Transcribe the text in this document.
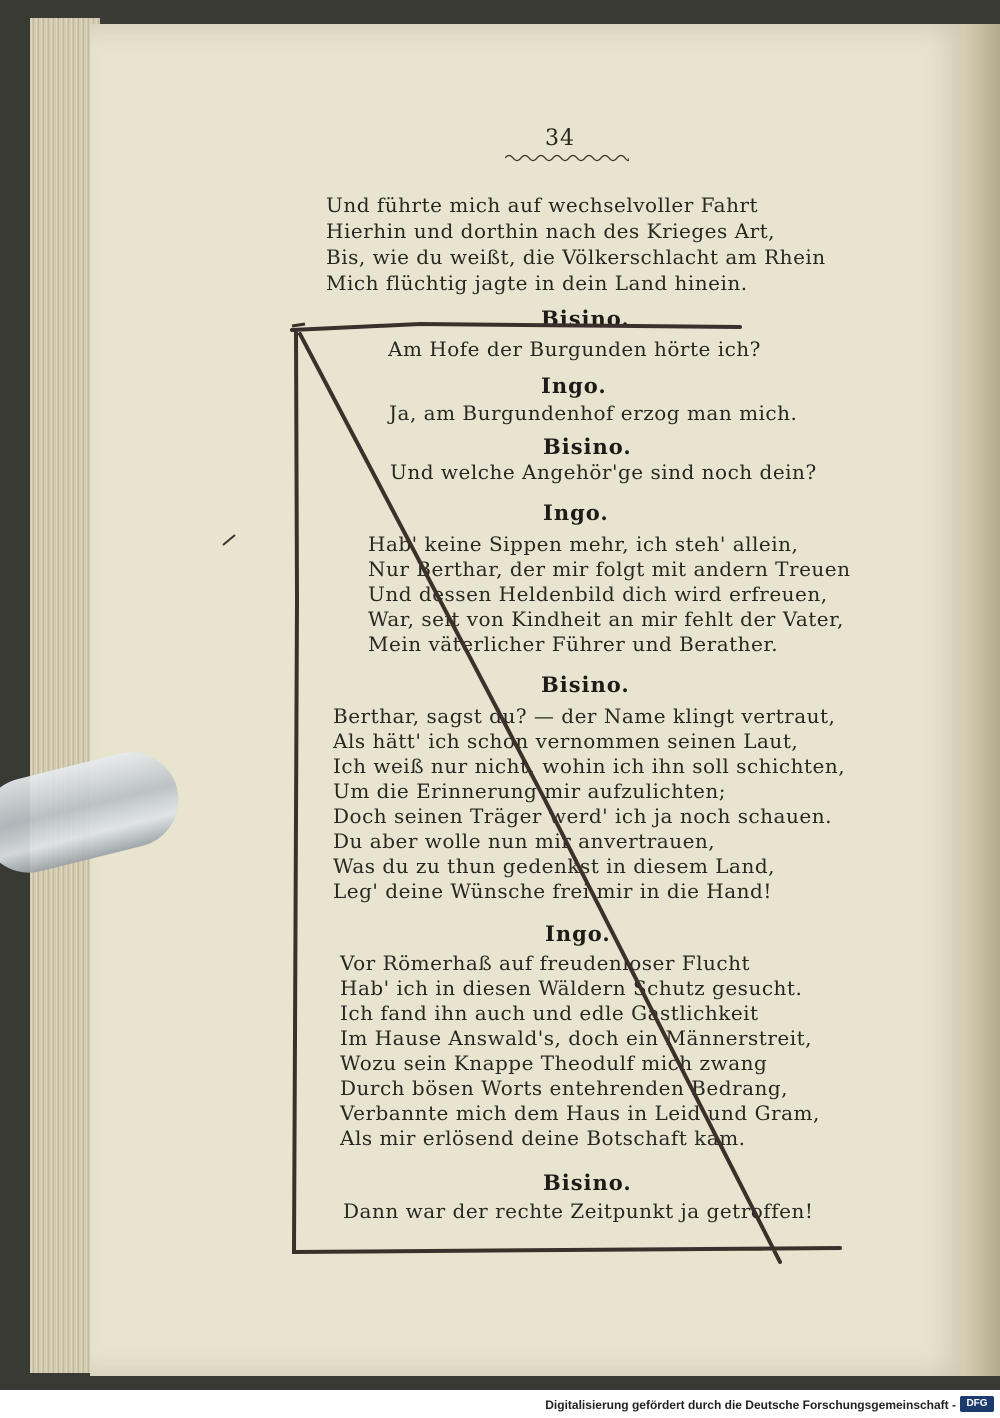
34
Und führte mich auf wechselvoller Fahrt
Hierhin und dorthin nach des Krieges Art,
Bis, wie du weißt, die Völkerschlacht am Rhein
Mich flüchtig jagte in dein Land hinein.
Bisino.
Am Hofe der Burgunden hörte ich?
Ingo.
Ja, am Burgundenhof erzog man mich.
Bisino.
Und welche Angehör'ge sind noch dein?
Ingo.
Hab' keine Sippen mehr, ich steh' allein,
Nur Berthar, der mir folgt mit andern Treuen
Und dessen Heldenbild dich wird erfreuen,
War, seit von Kindheit an mir fehlt der Vater,
Mein väterlicher Führer und Berather.
Bisino.
Berthar, sagst du? — der Name klingt vertraut,
Als hätt' ich schon vernommen seinen Laut,
Ich weiß nur nicht, wohin ich ihn soll schichten,
Um die Erinnerung mir aufzulichten;
Doch seinen Träger werd' ich ja noch schauen.
Du aber wolle nun mir anvertrauen,
Was du zu thun gedenkst in diesem Land,
Leg' deine Wünsche frei mir in die Hand!
Ingo.
Vor Römerhaß auf freudenloser Flucht
Hab' ich in diesen Wäldern Schutz gesucht.
Ich fand ihn auch und edle Gastlichkeit
Im Hause Answald's, doch ein Männerstreit,
Wozu sein Knappe Theodulf mich zwang
Durch bösen Worts entehrenden Bedrang,
Verbannte mich dem Haus in Leid und Gram,
Als mir erlösend deine Botschaft kam.
Bisino.
Dann war der rechte Zeitpunkt ja getroffen!
Digitalisierung gefördert durch die Deutsche Forschungsgemeinschaft -	DFG
